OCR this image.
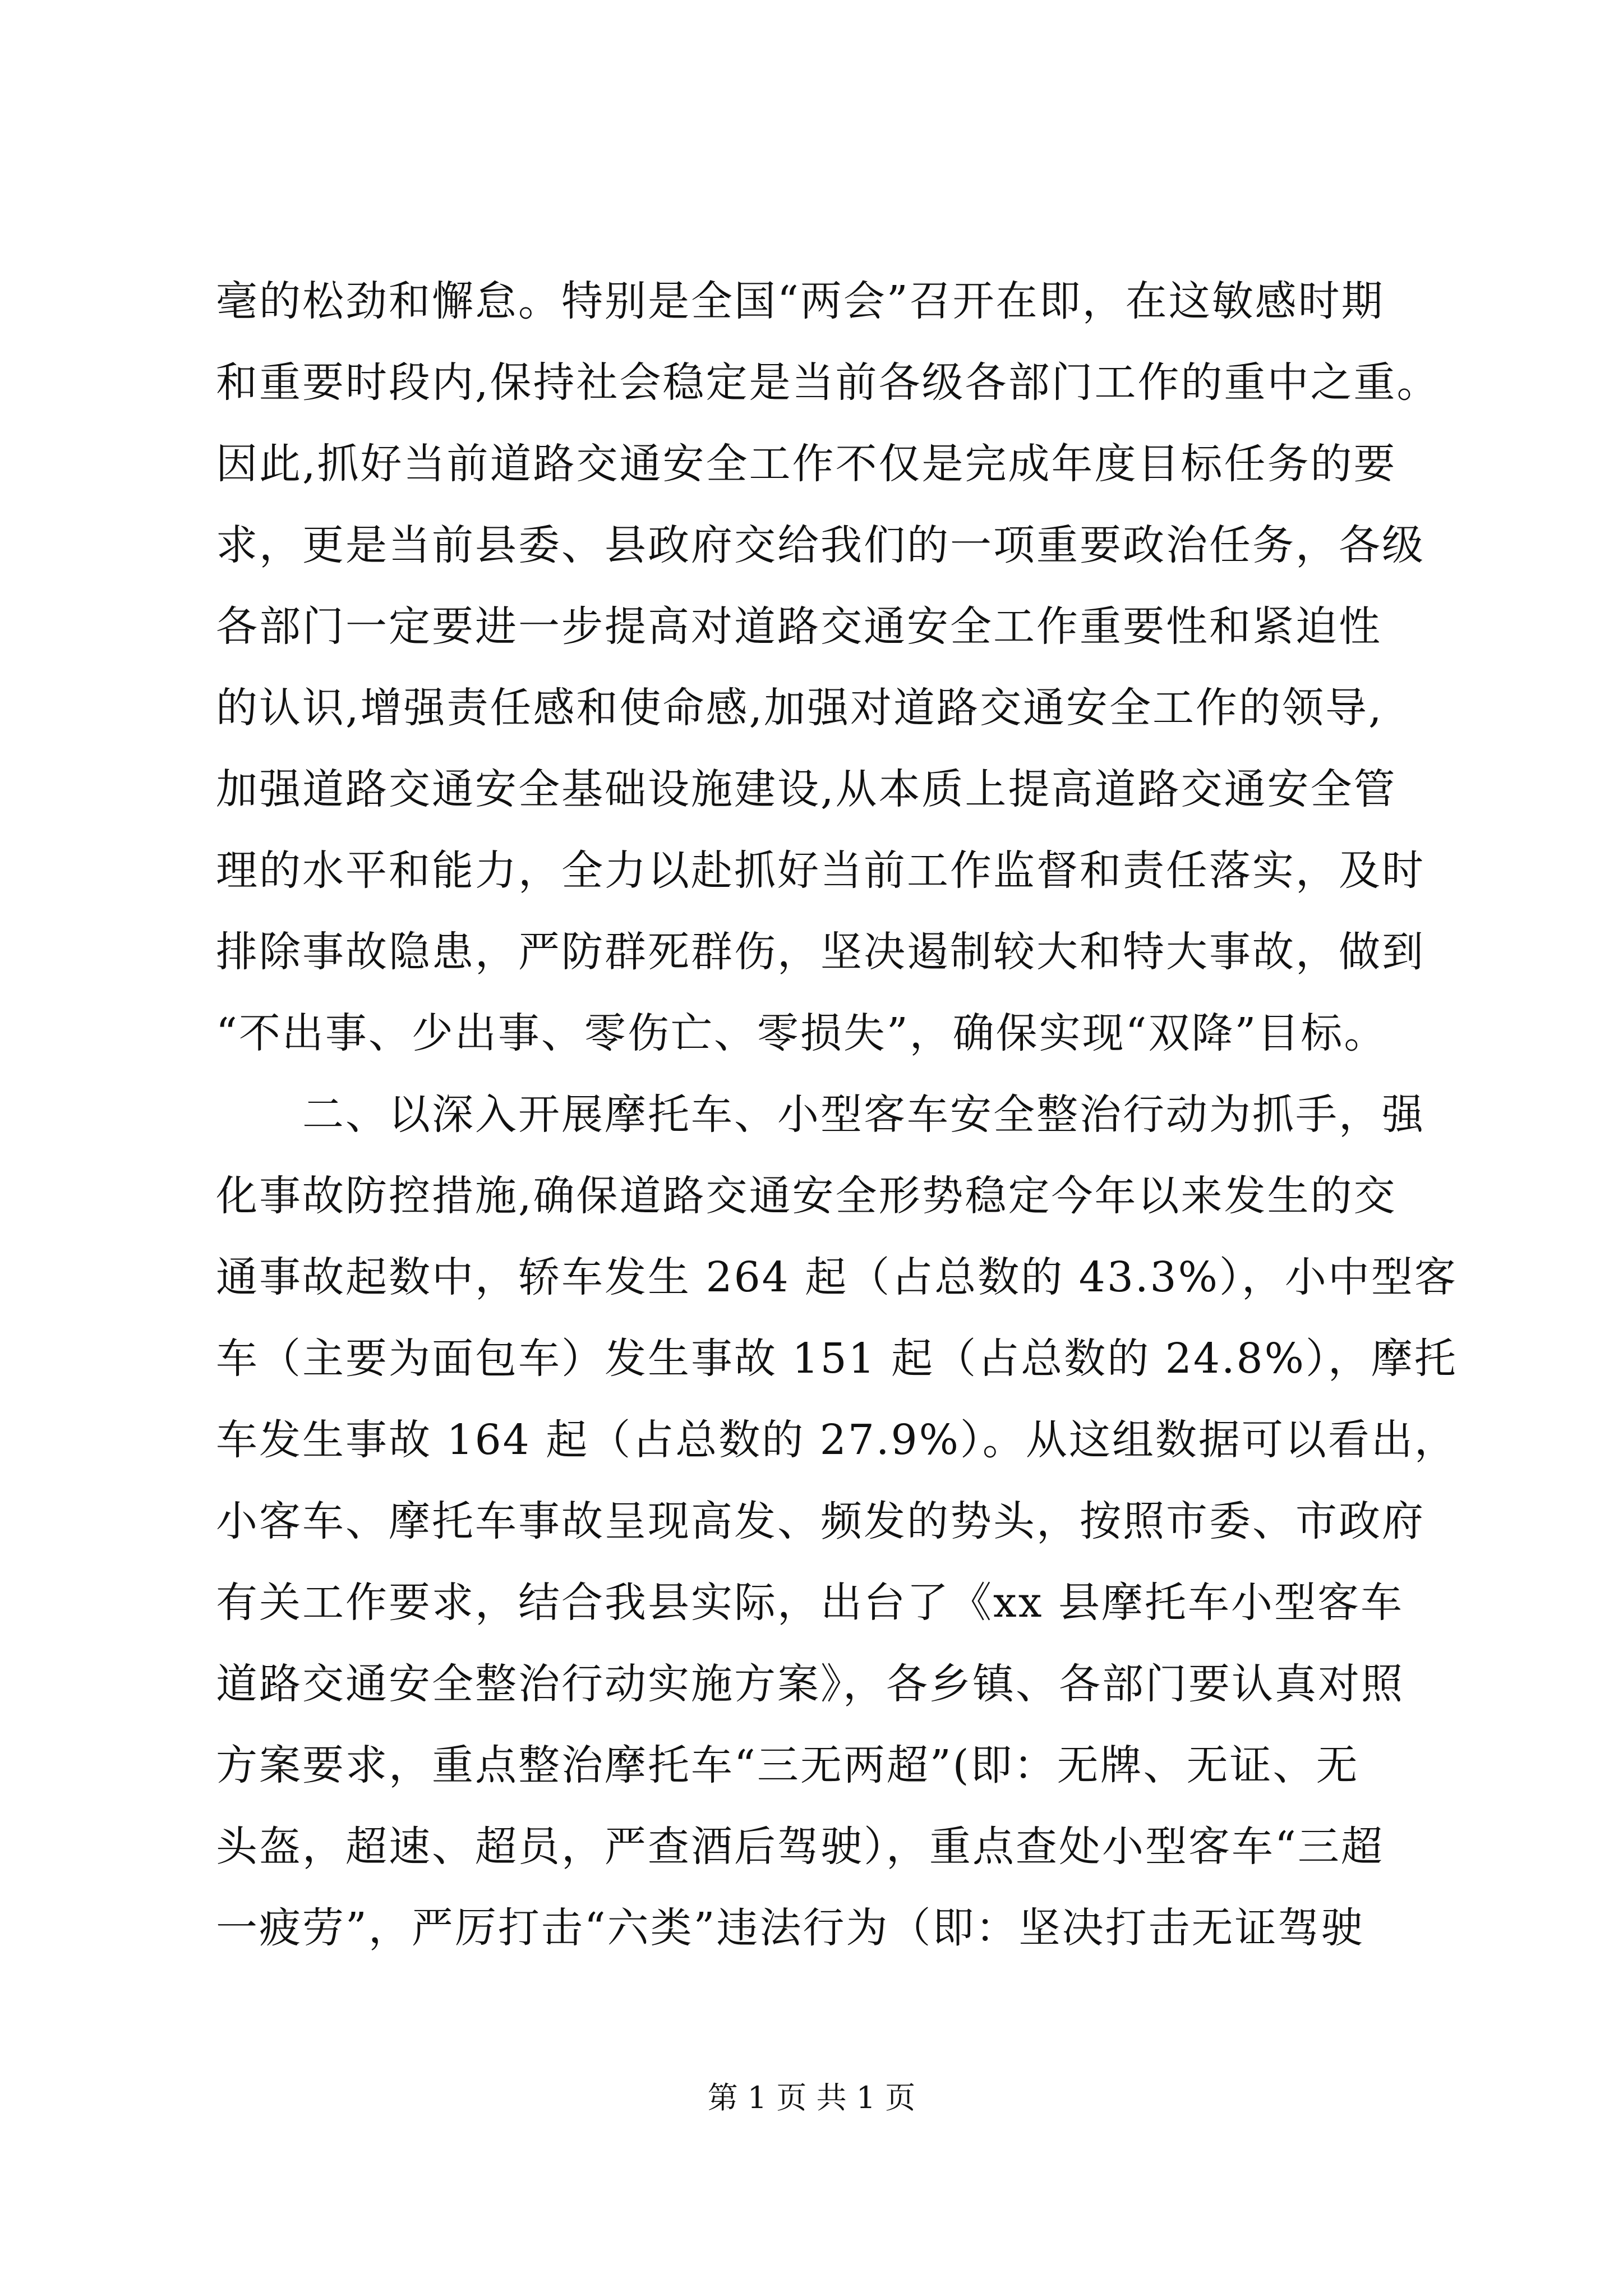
毫的松劲和懈怠。特别是全国“两会”召开在即，在这敏感时期
和重要时段内,保持社会稳定是当前各级各部门工作的重中之重。
因此,抓好当前道路交通安全工作不仅是完成年度目标任务的要
求，更是当前县委、县政府交给我们的一项重要政治任务，各级
各部门一定要进一步提高对道路交通安全工作重要性和紧迫性
的认识,增强责任感和使命感,加强对道路交通安全工作的领导,
加强道路交通安全基础设施建设,从本质上提高道路交通安全管
理的水平和能力，全力以赴抓好当前工作监督和责任落实，及时
排除事故隐患，严防群死群伤，坚决遏制较大和特大事故，做到
“不出事、少出事、零伤亡、零损失”，确保实现“双降”目标。
　　二、以深入开展摩托车、小型客车安全整治行动为抓手，强
化事故防控措施,确保道路交通安全形势稳定今年以来发生的交
通事故起数中，轿车发生 264 起（占总数的 43.3%），小中型客
车（主要为面包车）发生事故 151 起（占总数的 24.8%），摩托
车发生事故 164 起（占总数的 27.9%）。从这组数据可以看出，
小客车、摩托车事故呈现高发、频发的势头，按照市委、市政府
有关工作要求，结合我县实际，出台了《xx 县摩托车小型客车
道路交通安全整治行动实施方案》，各乡镇、各部门要认真对照
方案要求，重点整治摩托车“三无两超”(即：无牌、无证、无
头盔，超速、超员，严查酒后驾驶），重点查处小型客车“三超
一疲劳”，严厉打击“六类”违法行为（即：坚决打击无证驾驶
第 1 页 共 1 页
